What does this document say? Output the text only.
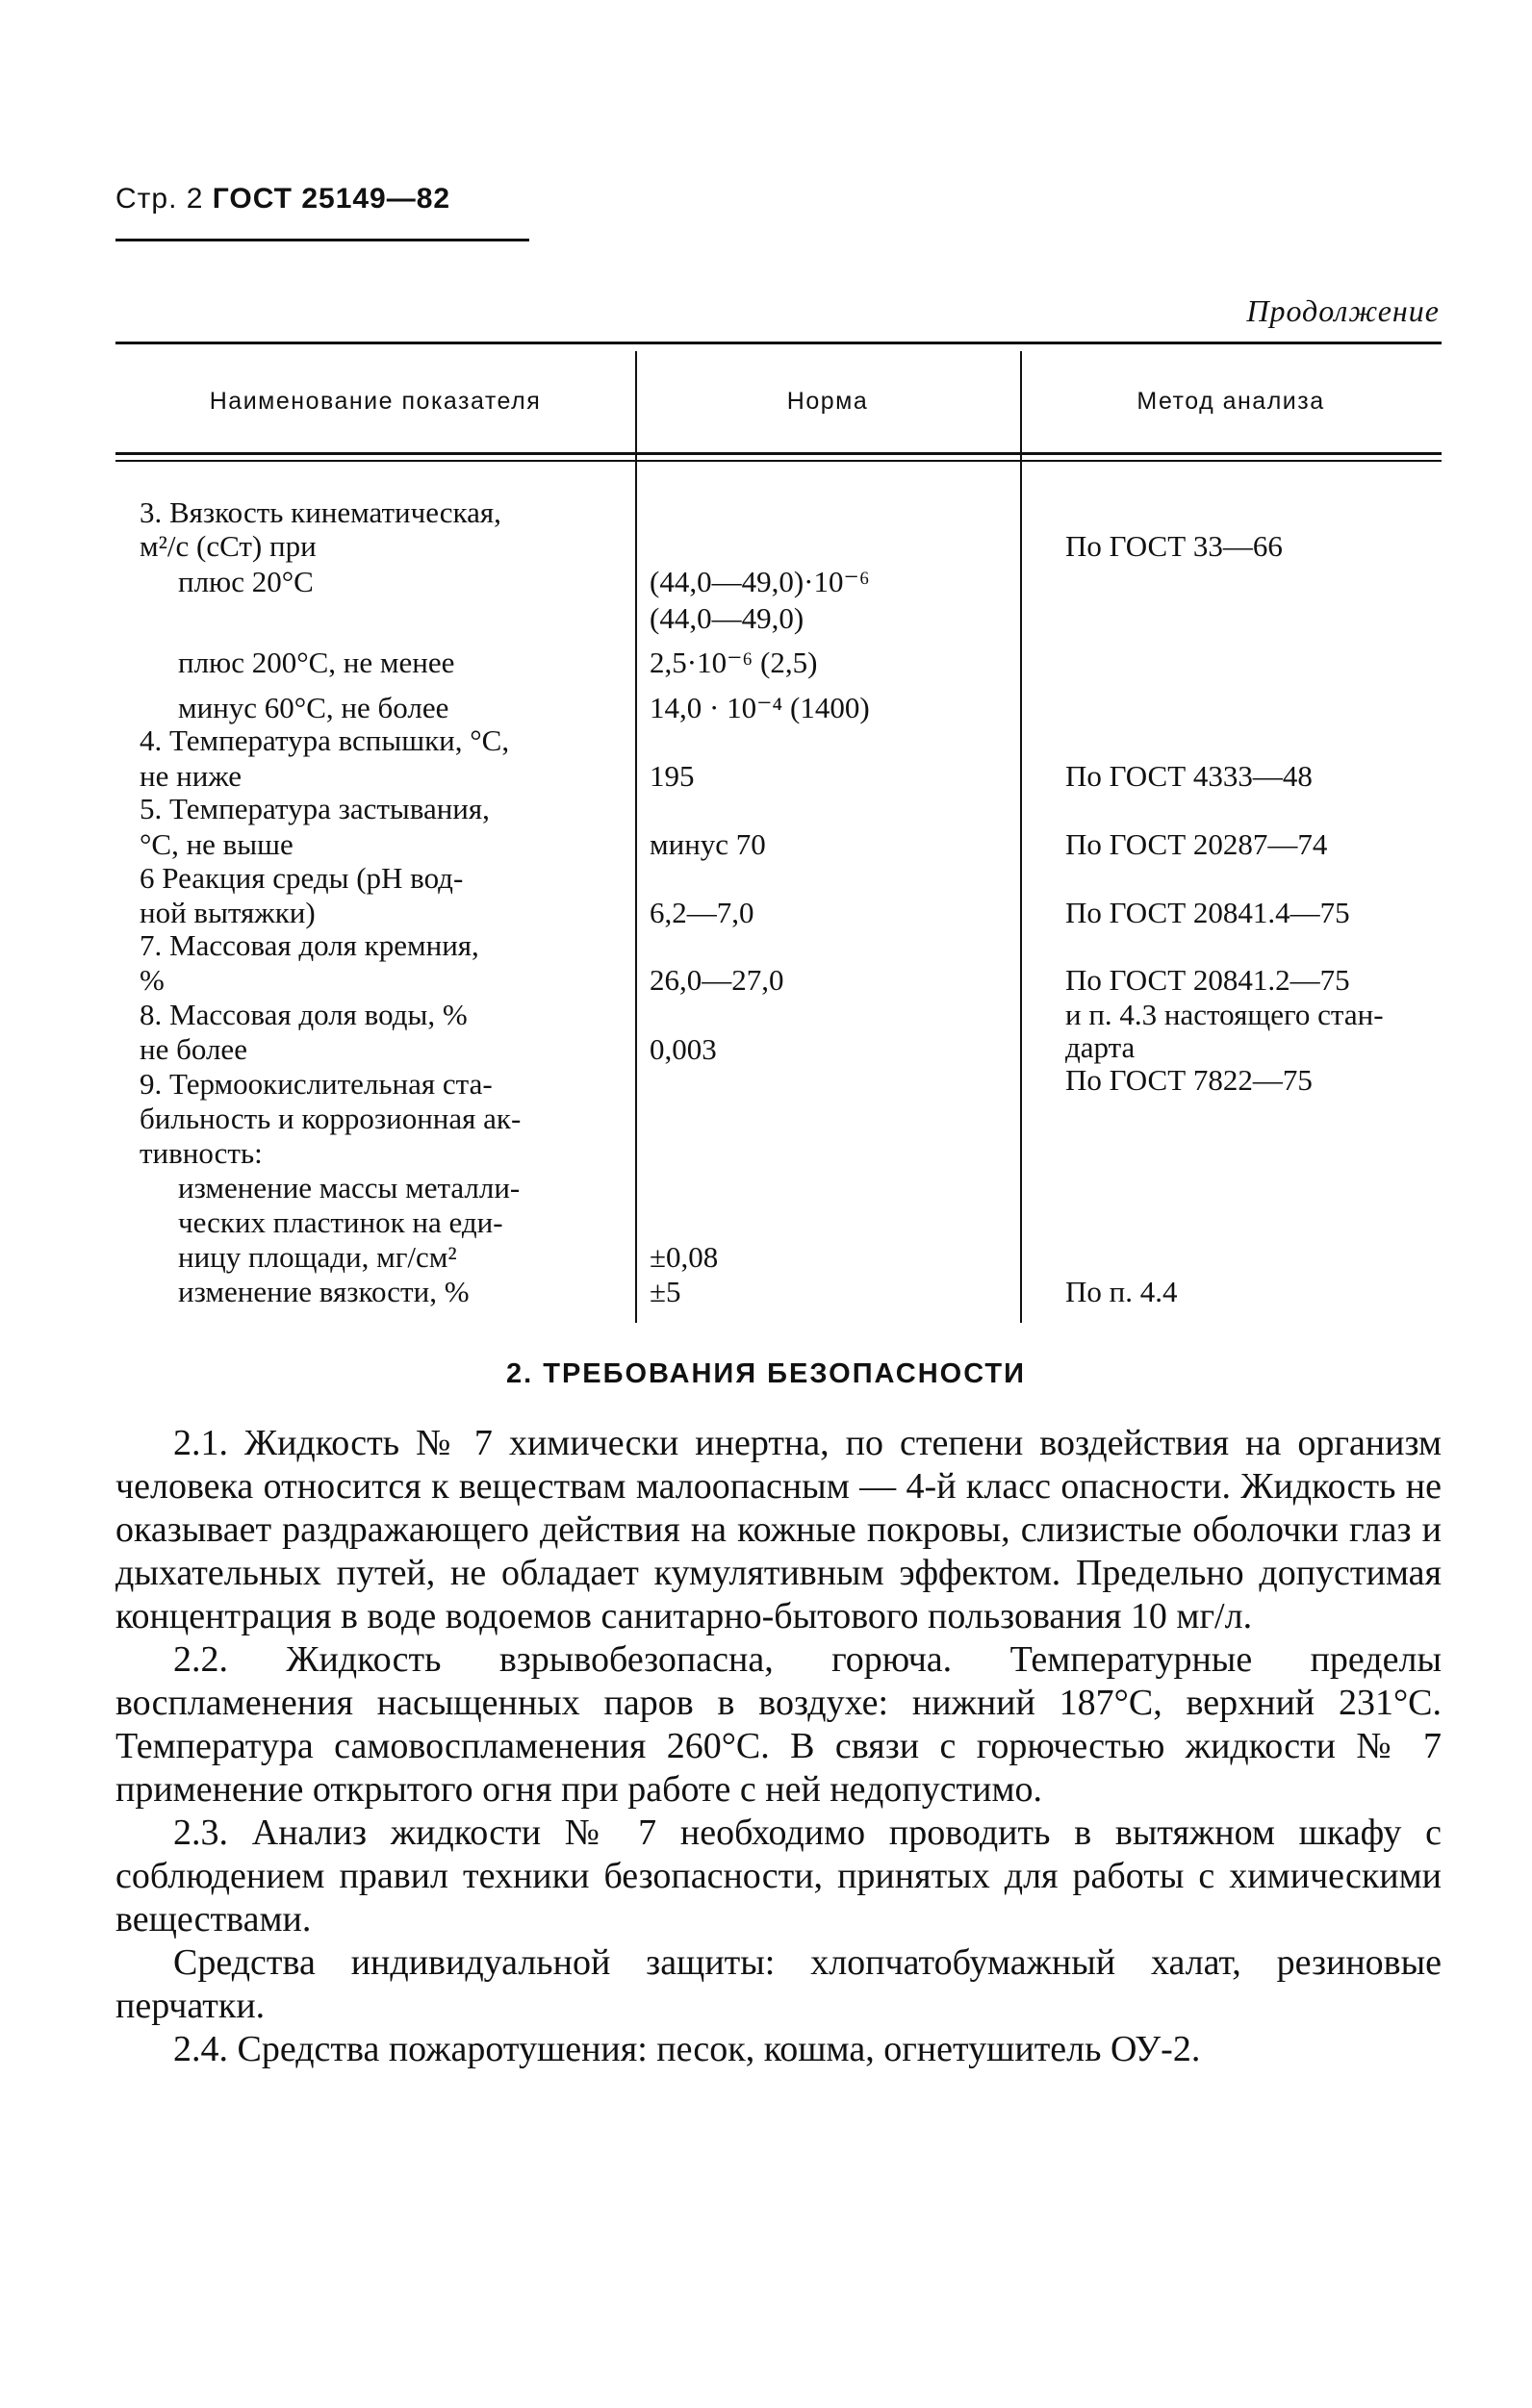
Стр. 2 ГОСТ 25149—82
Продолжение
Наименование показателя	Норма	Метод анализа
3. Вязкость кинематическая,
м²/с (сСт) при
плюс 20°С
плюс 200°С, не менее
минус 60°С, не более
4. Температура вспышки, °С,
не ниже
5. Температура застывания,
°С, не выше
6 Реакция среды (рН вод-
ной вытяжки)
7. Массовая доля кремния,
%
8. Массовая доля воды, %
не более
9. Термоокислительная ста-
бильность и коррозионная ак-
тивность:
изменение массы металли-
ческих пластинок на еди-
ницу площади, мг/см²
изменение вязкости, %
(44,0—49,0)·10⁻⁶
(44,0—49,0)
2,5·10⁻⁶ (2,5)
14,0 · 10⁻⁴ (1400)
195
минус 70
6,2—7,0
26,0—27,0
0,003
±0,08
±5
По ГОСТ 33—66
По ГОСТ 4333—48
По ГОСТ 20287—74
По ГОСТ 20841.4—75
По ГОСТ 20841.2—75
и п. 4.3 настоящего стан-
дарта
По ГОСТ 7822—75
По п. 4.4
2. ТРЕБОВАНИЯ БЕЗОПАСНОСТИ

2.1. Жидкость № 7 химически инертна, по степени воздействия на организм человека относится к веществам малоопасным — 4-й класс опасности. Жидкость не оказывает раздражающего действия на кожные покровы, слизистые оболочки глаз и дыхательных путей, не обладает кумулятивным эффектом. Предельно допустимая концентрация в воде водоемов санитарно-бытового пользования 10 мг/л.

2.2. Жидкость взрывобезопасна, горюча. Температурные пределы воспламенения насыщенных паров в воздухе: нижний 187°С, верхний 231°С. Температура самовоспламенения 260°С. В связи с горючестью жидкости № 7 применение открытого огня при работе с ней недопустимо.

2.3. Анализ жидкости № 7 необходимо проводить в вытяжном шкафу с соблюдением правил техники безопасности, принятых для работы с химическими веществами.

Средства индивидуальной защиты: хлопчатобумажный халат, резиновые перчатки.

2.4. Средства пожаротушения: песок, кошма, огнетушитель ОУ-2.
